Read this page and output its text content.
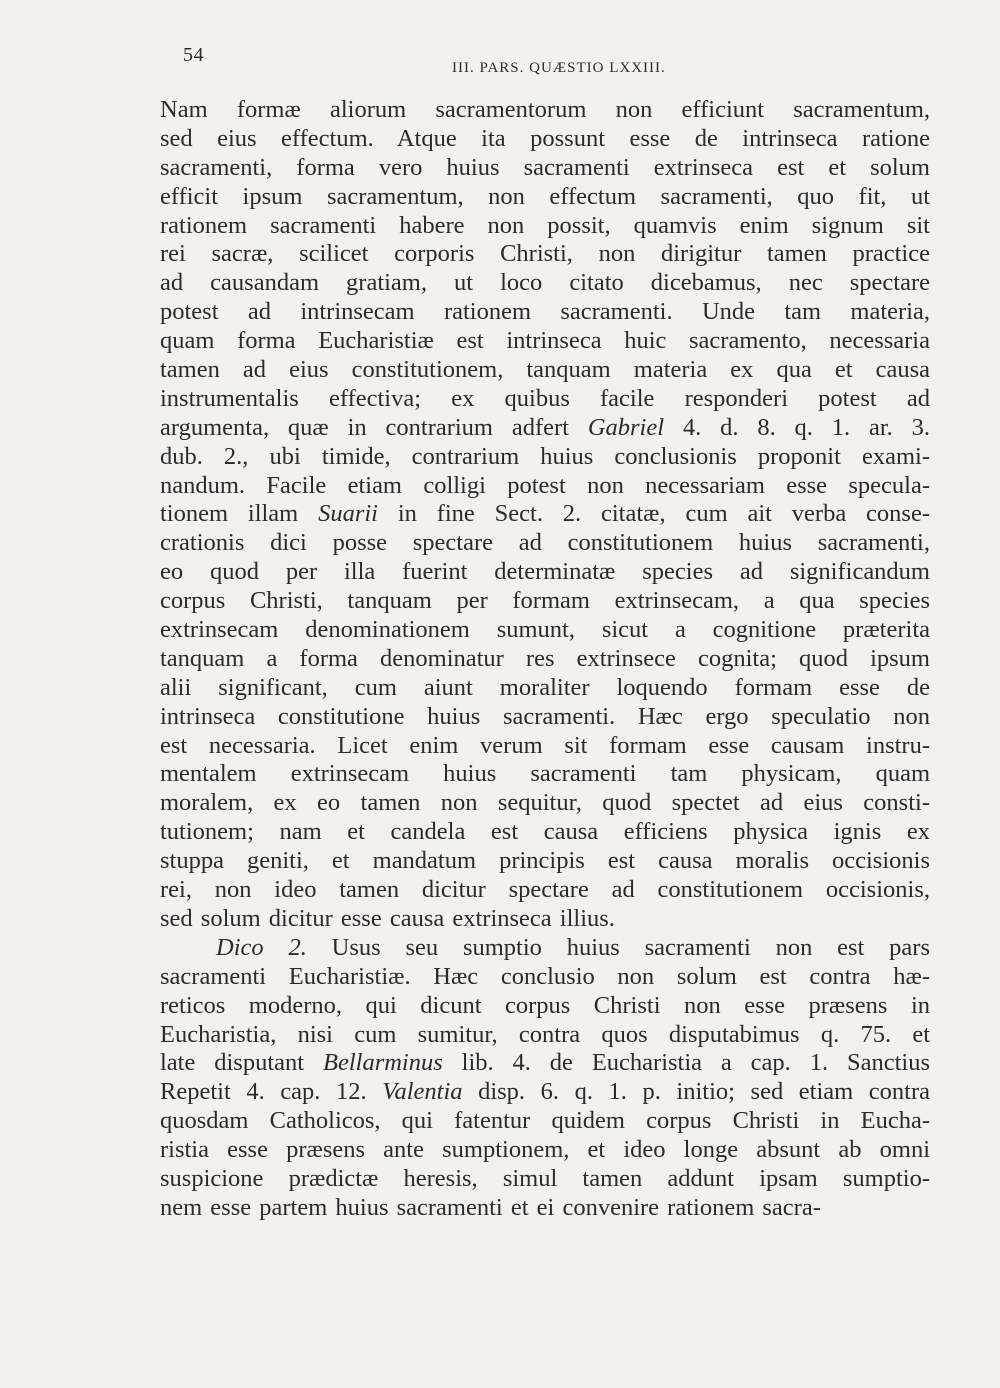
54
III. PARS. QUÆSTIO LXXIII.
Nam formæ aliorum sacramentorum non efficiunt sacramentum,
sed eius effectum. Atque ita possunt esse de intrinseca ratione
sacramenti, forma vero huius sacramenti extrinseca est et solum
efficit ipsum sacramentum, non effectum sacramenti, quo fit, ut
rationem sacramenti habere non possit, quamvis enim signum sit
rei sacræ, scilicet corporis Christi, non dirigitur tamen practice
ad causandam gratiam, ut loco citato dicebamus, nec spectare
potest ad intrinsecam rationem sacramenti. Unde tam materia,
quam forma Eucharistiæ est intrinseca huic sacramento, necessaria
tamen ad eius constitutionem, tanquam materia ex qua et causa
instrumentalis effectiva; ex quibus facile responderi potest ad
argumenta, quæ in contrarium adfert Gabriel 4. d. 8. q. 1. ar. 3.
dub. 2., ubi timide, contrarium huius conclusionis proponit exami-
nandum. Facile etiam colligi potest non necessariam esse specula-
tionem illam Suarii in fine Sect. 2. citatæ, cum ait verba conse-
crationis dici posse spectare ad constitutionem huius sacramenti,
eo quod per illa fuerint determinatæ species ad significandum
corpus Christi, tanquam per formam extrinsecam, a qua species
extrinsecam denominationem sumunt, sicut a cognitione præterita
tanquam a forma denominatur res extrinsece cognita; quod ipsum
alii significant, cum aiunt moraliter loquendo formam esse de
intrinseca constitutione huius sacramenti. Hæc ergo speculatio non
est necessaria. Licet enim verum sit formam esse causam instru-
mentalem extrinsecam huius sacramenti tam physicam, quam
moralem, ex eo tamen non sequitur, quod spectet ad eius consti-
tutionem; nam et candela est causa efficiens physica ignis ex
stuppa geniti, et mandatum principis est causa moralis occisionis
rei, non ideo tamen dicitur spectare ad constitutionem occisionis,
sed solum dicitur esse causa extrinseca illius.
Dico 2. Usus seu sumptio huius sacramenti non est pars
sacramenti Eucharistiæ. Hæc conclusio non solum est contra hæ-
reticos moderno, qui dicunt corpus Christi non esse præsens in
Eucharistia, nisi cum sumitur, contra quos disputabimus q. 75. et
late disputant Bellarminus lib. 4. de Eucharistia a cap. 1. Sanctius
Repetit 4. cap. 12. Valentia disp. 6. q. 1. p. initio; sed etiam contra
quosdam Catholicos, qui fatentur quidem corpus Christi in Eucha-
ristia esse præsens ante sumptionem, et ideo longe absunt ab omni
suspicione prædictæ heresis, simul tamen addunt ipsam sumptio-
nem esse partem huius sacramenti et ei convenire rationem sacra-
